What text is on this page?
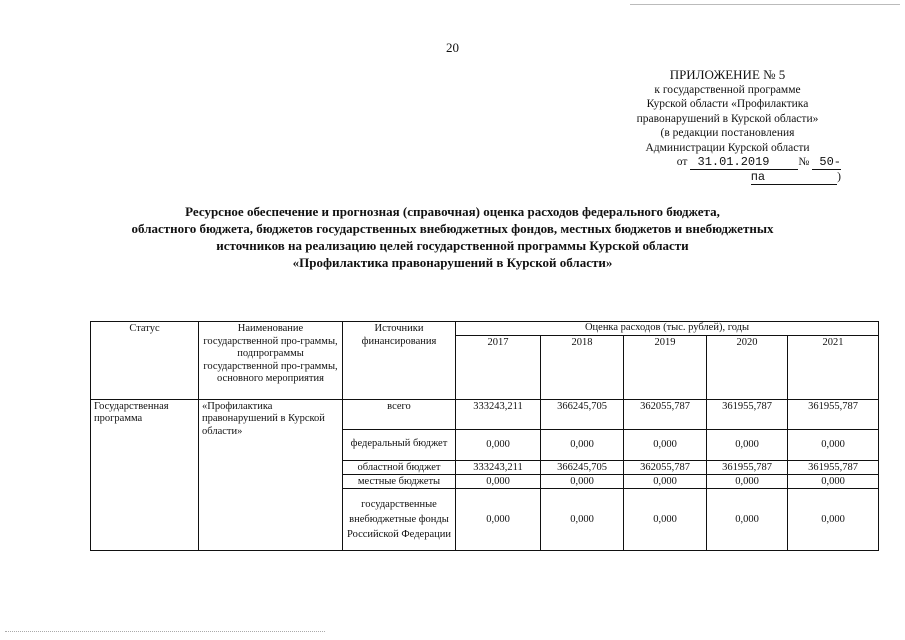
20
ПРИЛОЖЕНИЕ № 5
к государственной программе
Курской области «Профилактика
правонарушений в Курской области»
(в редакции постановления
Администрации Курской области
от 31.01.2019	№ 50-па	)
Ресурсное обеспечение и прогнозная (справочная) оценка расходов федерального бюджета,
областного бюджета, бюджетов государственных внебюджетных фондов, местных бюджетов и внебюджетных
источников на реализацию целей государственной программы Курской области
«Профилактика правонарушений в Курской области»
Статус	Наименование государственной про-граммы, подпрограммы государственной про-граммы, основного мероприятия	Источники финансирования	Оценка расходов (тыс. рублей), годы				
			2017	2018	2019	2020	2021
Государственная программа	«Профилактика правонарушений в Курской области»	всего	333243,211	366245,705	362055,787	361955,787	361955,787
		федеральный бюджет	0,000	0,000	0,000	0,000	0,000
		областной бюджет	333243,211	366245,705	362055,787	361955,787	361955,787
		местные бюджеты	0,000	0,000	0,000	0,000	0,000
		государственные внебюджетные фонды Российской Федерации	0,000	0,000	0,000	0,000	0,000
